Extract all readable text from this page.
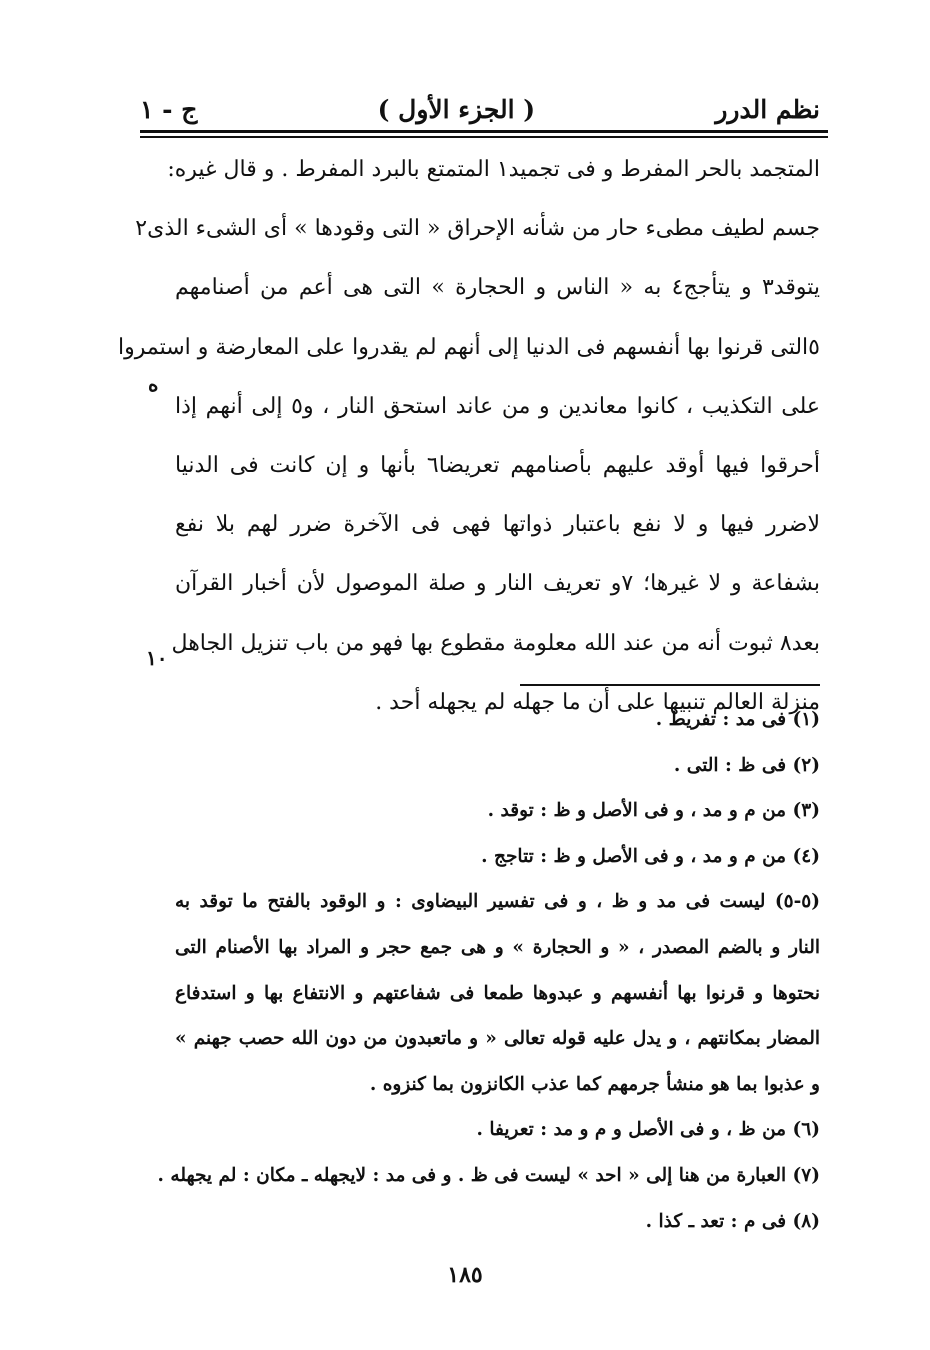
نظم الدرر
( الجزء الأول )
ج - ١
المتجمد بالحر المفرط و فى تجميد١ المتمتع بالبرد المفرط . و قال غيره:
جسم لطيف مطىء حار من شأنه الإحراق « التى وقودها » أى الشىء الذى٢
يتوقد٣ و يتأجج٤ به « الناس و الحجارة » التى هى أعم من أصنامهم
٥التى قرنوا بها أنفسهم فى الدنيا إلى أنهم لم يقدروا على المعارضة و استمروا
على التكذيب ، كانوا معاندين و من عاند استحق النار ، و٥ إلى أنهم إذا
أحرقوا فيها أوقد عليهم بأصنامهم تعريضا٦ بأنها و إن كانت فى الدنيا
لاضرر فيها و لا نفع باعتبار ذواتها فهى فى الآخرة ضرر لهم بلا نفع
بشفاعة و لا غيرها؛ ٧و تعريف النار و صلة الموصول لأن أخبار القرآن
بعد٨ ثبوت أنه من عند الله معلومة مقطوع بها فهو من باب تنزيل الجاهل
منزلة العالم تنبيها على أن ما جهله لم يجهله أحد .
ه
١٠
(١) فى مد : تفريط .
(٢) فى ظ : التى .
(٣) من م و مد ، و فى الأصل و ظ : توقد .
(٤) من م و مد ، و فى الأصل و ظ : تتاجج .
(٥-٥) ليست فى مد و ظ ، و فى تفسير البيضاوى : و الوقود بالفتح ما توقد به
النار و بالضم المصدر ، « و الحجارة » و هى جمع حجر و المراد بها الأصنام التى
نحتوها و قرنوا بها أنفسهم و عبدوها طمعا فى شفاعتهم و الانتفاع بها و استدفاع
المضار بمكانتهم ، و يدل عليه قوله تعالى « و ماتعبدون من دون الله حصب جهنم »
و عذبوا بما هو منشأ جرمهم كما عذب الكانزون بما كنزوه .
(٦) من ظ ، و فى الأصل و م و مد : تعريفا .
(٧) العبارة من هنا إلى « احد » ليست فى ظ . و فى مد : لايجهله ـ مكان : لم يجهله .
(٨) فى م : تعد ـ كذا .
١٨٥
